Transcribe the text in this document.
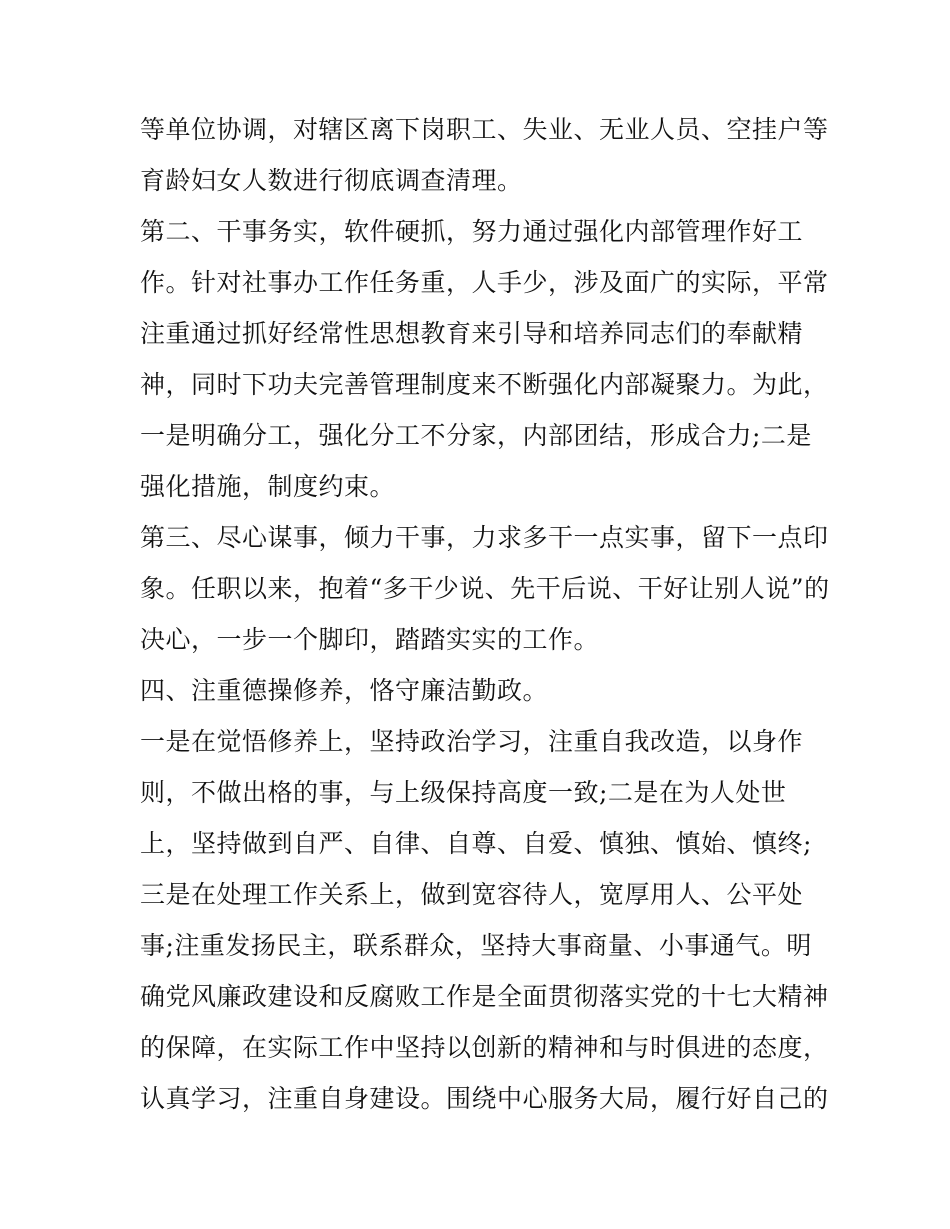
等单位协调，对辖区离下岗职工、失业、无业人员、空挂户等
育龄妇女人数进行彻底调查清理。
第二、干事务实，软件硬抓，努力通过强化内部管理作好工
作。针对社事办工作任务重，人手少，涉及面广的实际，平常
注重通过抓好经常性思想教育来引导和培养同志们的奉献精
神，同时下功夫完善管理制度来不断强化内部凝聚力。为此，
一是明确分工，强化分工不分家，内部团结，形成合力;二是
强化措施，制度约束。
第三、尽心谋事，倾力干事，力求多干一点实事，留下一点印
象。任职以来，抱着“多干少说、先干后说、干好让别人说”的
决心，一步一个脚印，踏踏实实的工作。
四、注重德操修养，恪守廉洁勤政。
一是在觉悟修养上，坚持政治学习，注重自我改造，以身作
则，不做出格的事，与上级保持高度一致;二是在为人处世
上，坚持做到自严、自律、自尊、自爱、慎独、慎始、慎终;
三是在处理工作关系上，做到宽容待人，宽厚用人、公平处
事;注重发扬民主，联系群众，坚持大事商量、小事通气。明
确党风廉政建设和反腐败工作是全面贯彻落实党的十七大精神
的保障，在实际工作中坚持以创新的精神和与时俱进的态度，
认真学习，注重自身建设。围绕中心服务大局，履行好自己的
